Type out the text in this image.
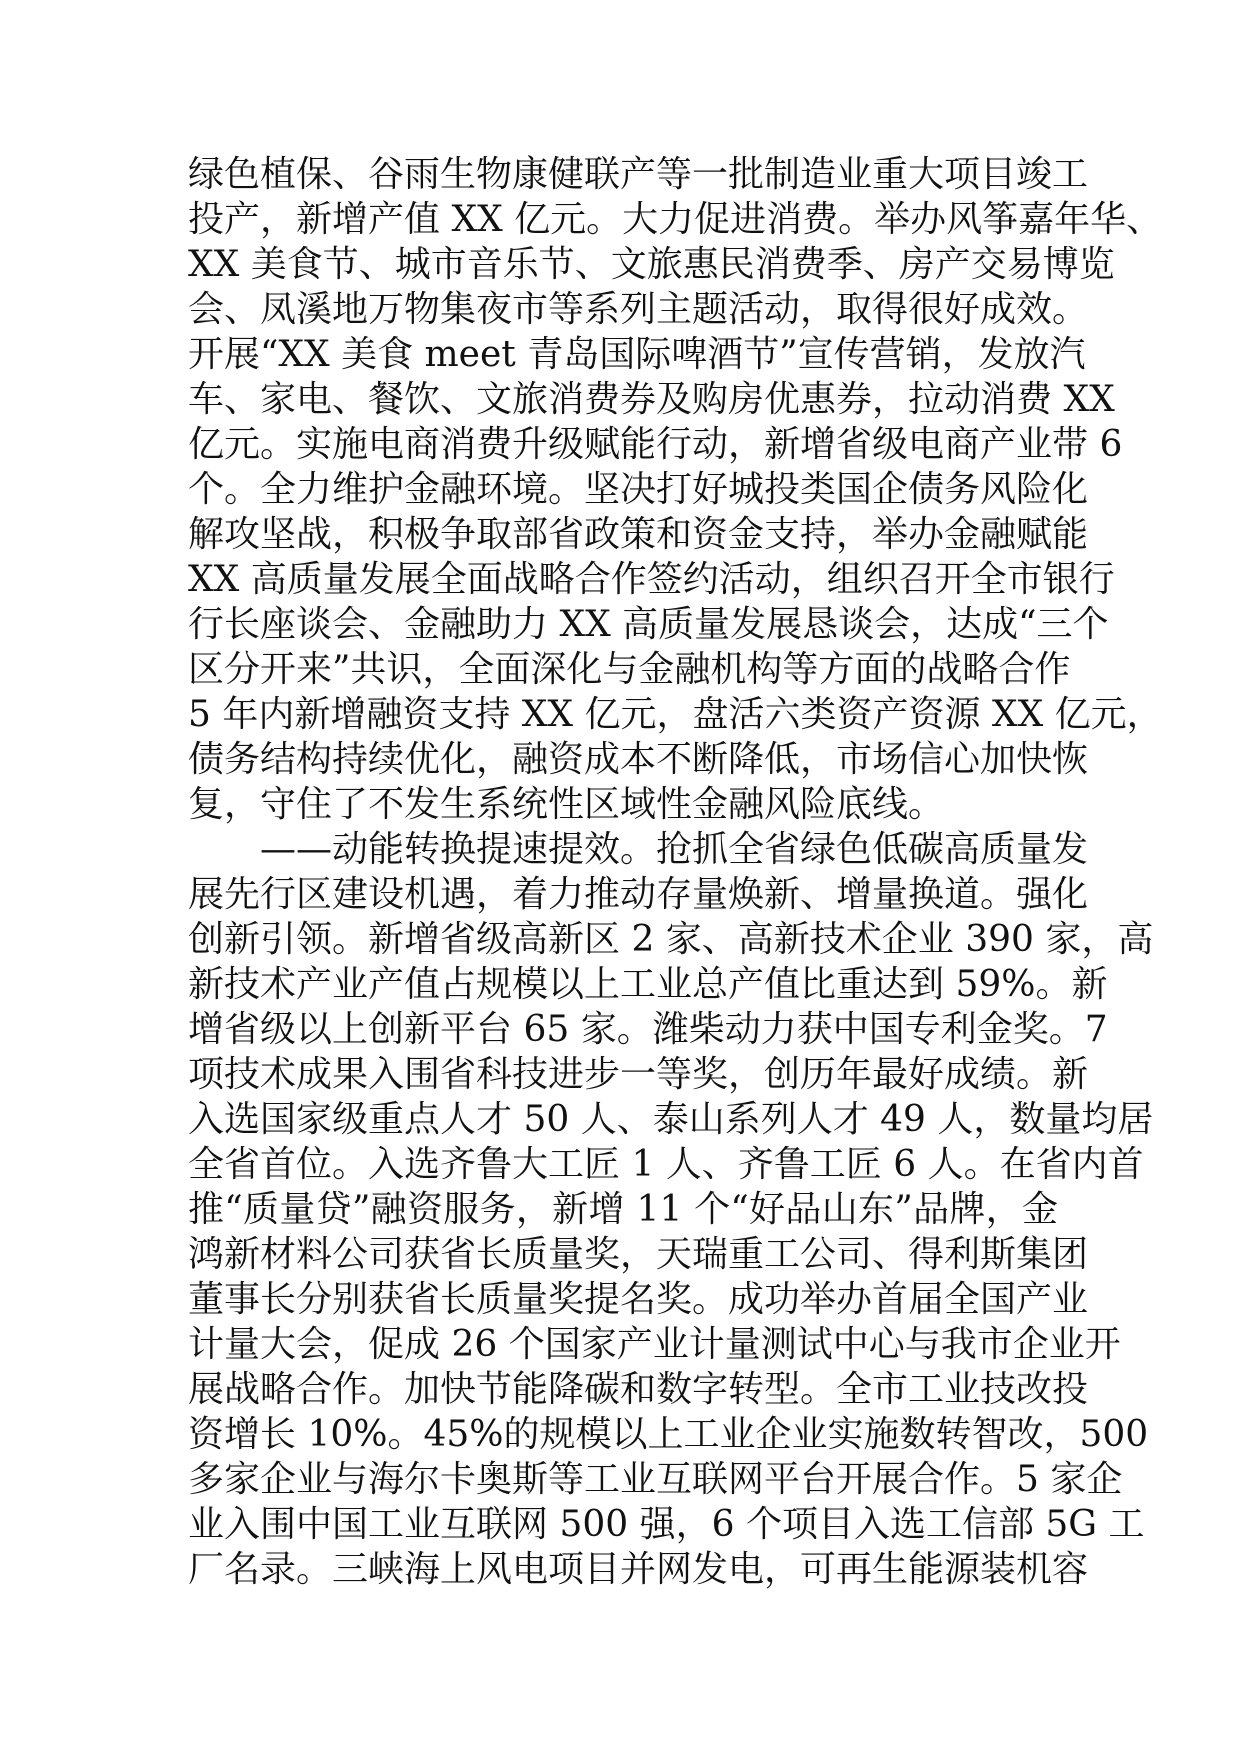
绿色植保、谷雨生物康健联产等一批制造业重大项目竣工
投产，新增产值 XX 亿元。大力促进消费。举办风筝嘉年华、
XX 美食节、城市音乐节、文旅惠民消费季、房产交易博览
会、凤溪地万物集夜市等系列主题活动，取得很好成效。
开展“XX 美食 meet 青岛国际啤酒节”宣传营销，发放汽
车、家电、餐饮、文旅消费券及购房优惠券，拉动消费 XX
亿元。实施电商消费升级赋能行动，新增省级电商产业带 6
个。全力维护金融环境。坚决打好城投类国企债务风险化
解攻坚战，积极争取部省政策和资金支持，举办金融赋能
XX 高质量发展全面战略合作签约活动，组织召开全市银行
行长座谈会、金融助力 XX 高质量发展恳谈会，达成“三个
区分开来”共识，全面深化与金融机构等方面的战略合作
5 年内新增融资支持 XX 亿元，盘活六类资产资源 XX 亿元，
债务结构持续优化，融资成本不断降低，市场信心加快恢
复，守住了不发生系统性区域性金融风险底线。
——动能转换提速提效。抢抓全省绿色低碳高质量发
展先行区建设机遇，着力推动存量焕新、增量换道。强化
创新引领。新增省级高新区 2 家、高新技术企业 390 家，高
新技术产业产值占规模以上工业总产值比重达到 59%。新
增省级以上创新平台 65 家。潍柴动力获中国专利金奖。7
项技术成果入围省科技进步一等奖，创历年最好成绩。新
入选国家级重点人才 50 人、泰山系列人才 49 人，数量均居
全省首位。入选齐鲁大工匠 1 人、齐鲁工匠 6 人。在省内首
推“质量贷”融资服务，新增 11 个“好品山东”品牌，金
鸿新材料公司获省长质量奖，天瑞重工公司、得利斯集团
董事长分别获省长质量奖提名奖。成功举办首届全国产业
计量大会，促成 26 个国家产业计量测试中心与我市企业开
展战略合作。加快节能降碳和数字转型。全市工业技改投
资增长 10%。45%的规模以上工业企业实施数转智改，500
多家企业与海尔卡奥斯等工业互联网平台开展合作。5 家企
业入围中国工业互联网 500 强，6 个项目入选工信部 5G 工
厂名录。三峡海上风电项目并网发电，可再生能源装机容
